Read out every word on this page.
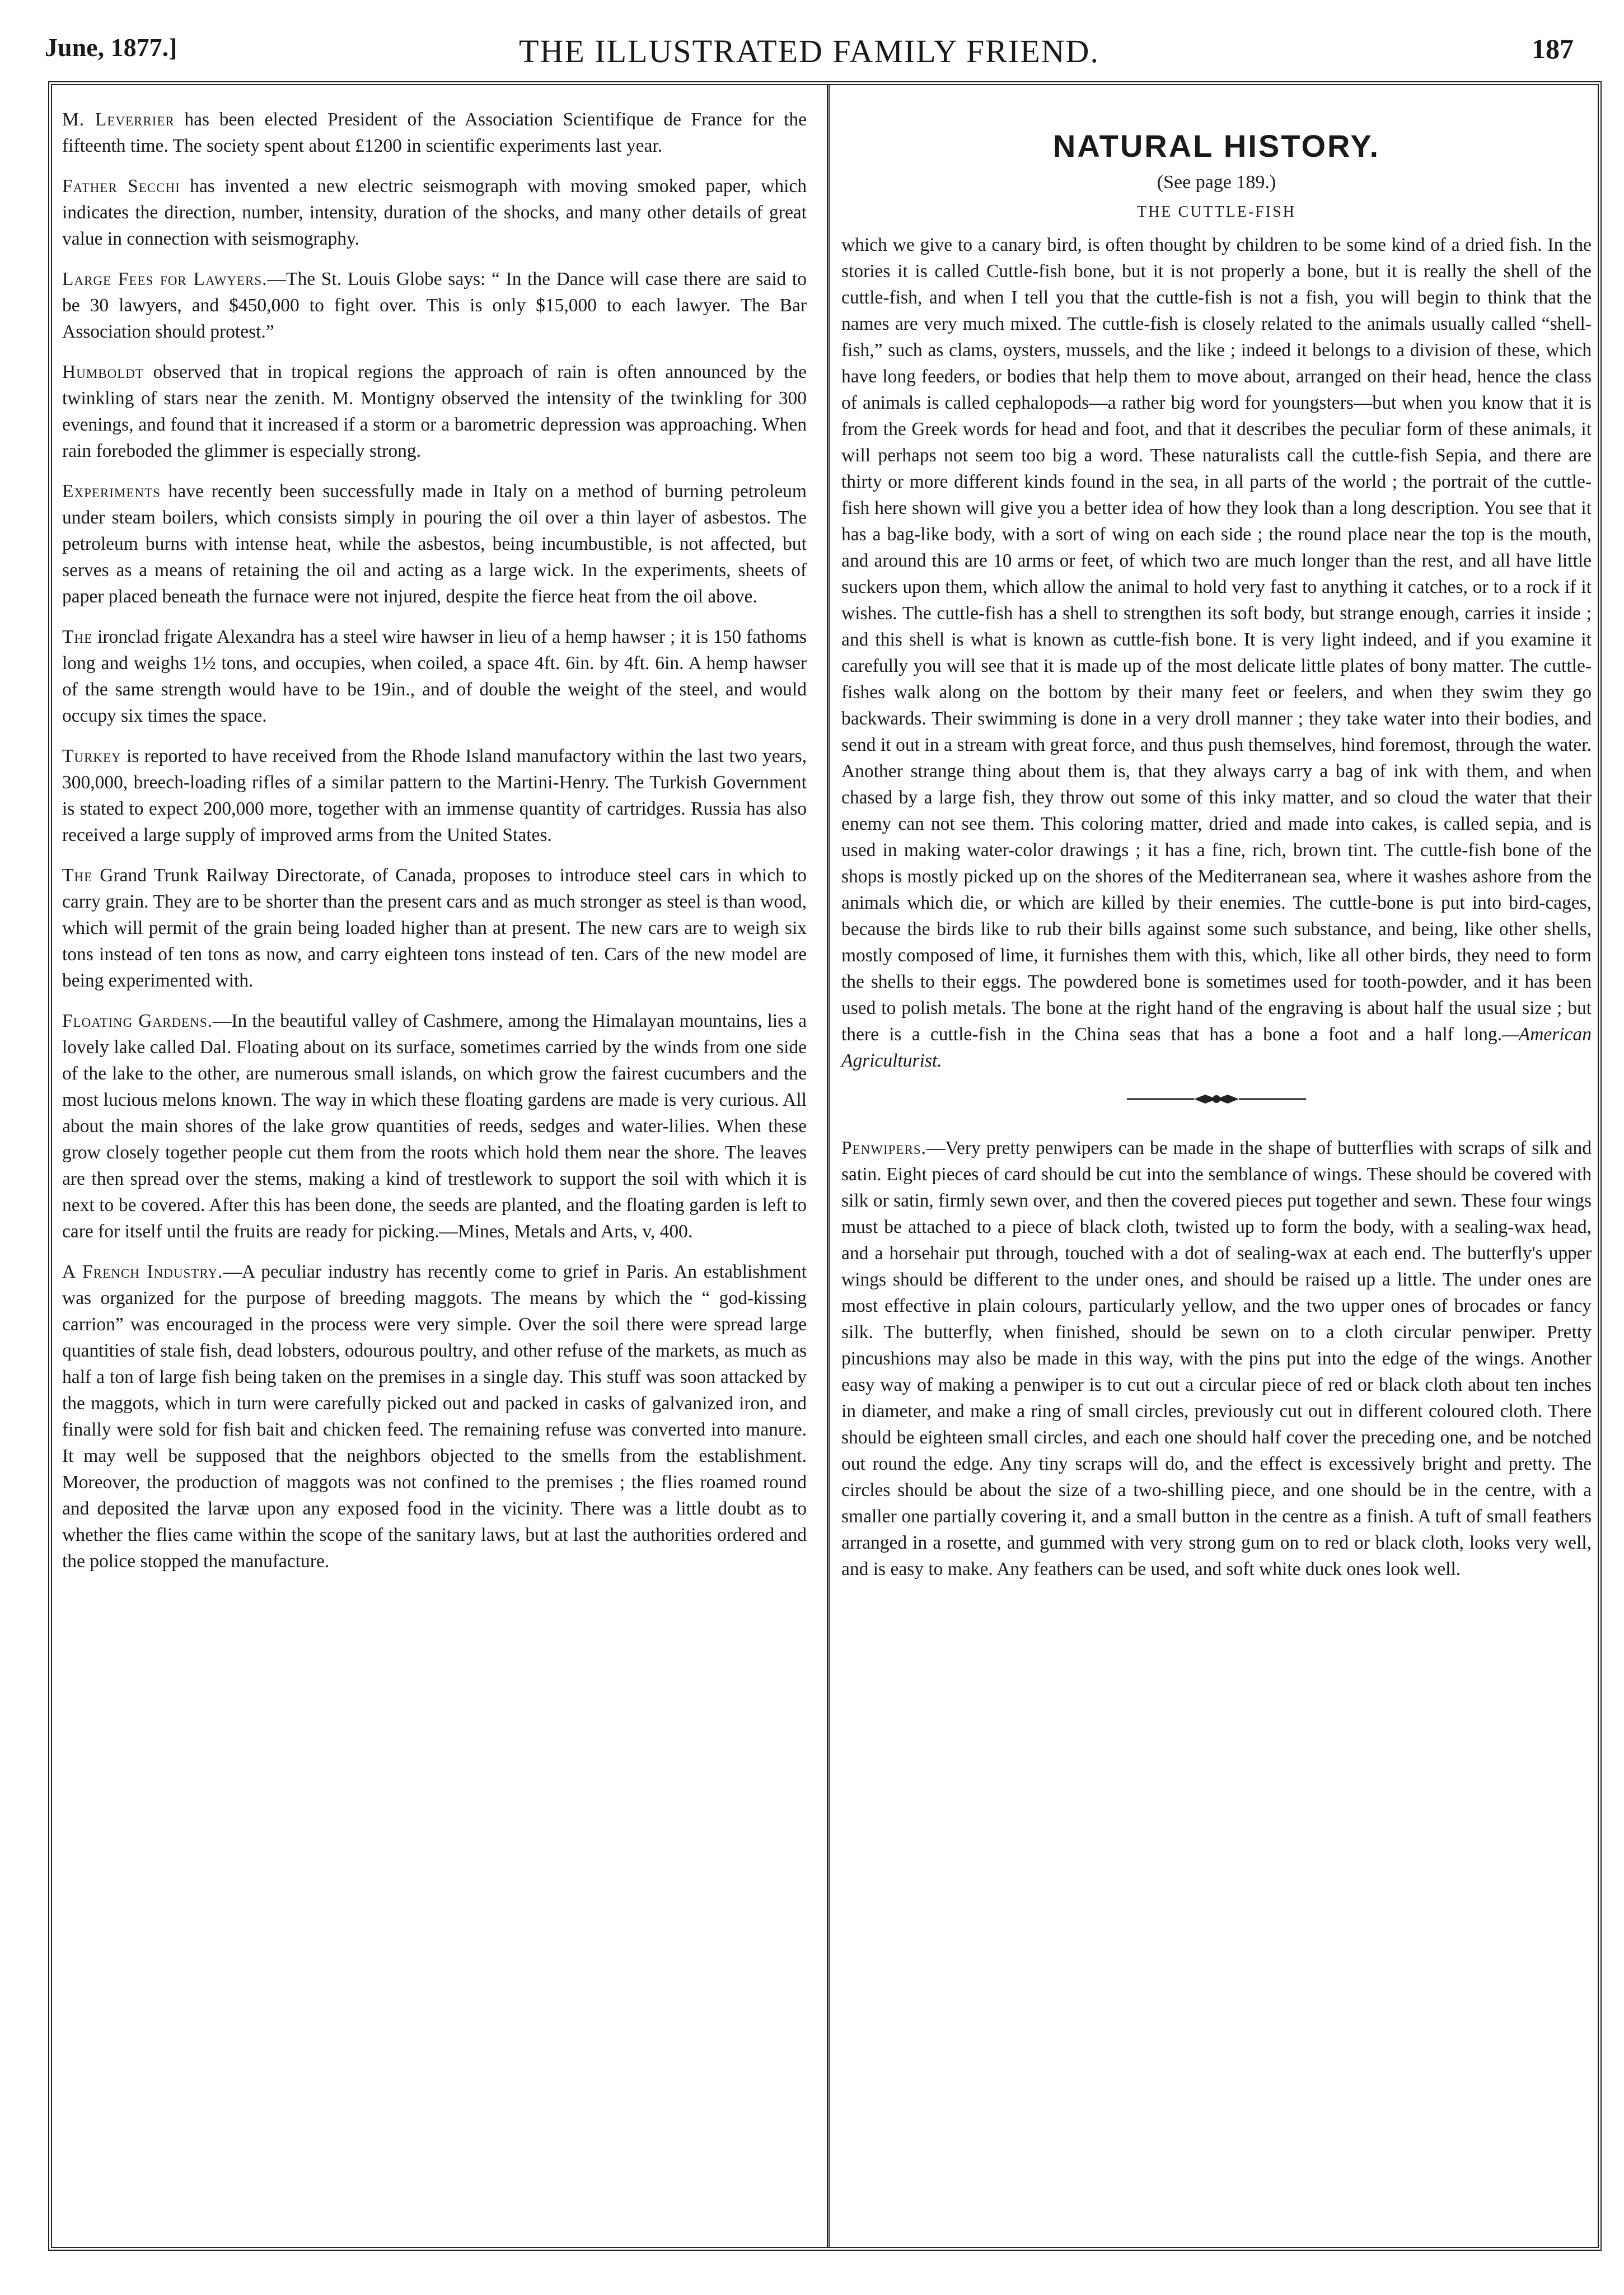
June, 1877.]	THE ILLUSTRATED FAMILY FRIEND.	187

M. Leverrier has been elected President of the Association Scientifique de France for the fifteenth time. The society spent about £1200 in scientific experiments last year.

Father Secchi has invented a new electric seismograph with moving smoked paper, which indicates the direction, number, intensity, duration of the shocks, and many other details of great value in connection with seismography.

Large Fees for Lawyers.—The St. Louis Globe says: “ In the Dance will case there are said to be 30 lawyers, and $450,000 to fight over. This is only $15,000 to each lawyer. The Bar Association should protest.”

Humboldt observed that in tropical regions the approach of rain is often announced by the twinkling of stars near the zenith. M. Montigny observed the intensity of the twinkling for 300 evenings, and found that it increased if a storm or a barometric depression was approaching. When rain foreboded the glimmer is especially strong.

Experiments have recently been successfully made in Italy on a method of burning petroleum under steam boilers, which consists simply in pouring the oil over a thin layer of asbestos. The petroleum burns with intense heat, while the asbestos, being incumbustible, is not affected, but serves as a means of retaining the oil and acting as a large wick. In the experiments, sheets of paper placed beneath the furnace were not injured, despite the fierce heat from the oil above.

The ironclad frigate Alexandra has a steel wire hawser in lieu of a hemp hawser ; it is 150 fathoms long and weighs 1½ tons, and occupies, when coiled, a space 4ft. 6in. by 4ft. 6in. A hemp hawser of the same strength would have to be 19in., and of double the weight of the steel, and would occupy six times the space.

Turkey is reported to have received from the Rhode Island manufactory within the last two years, 300,000, breech-loading rifles of a similar pattern to the Martini-Henry. The Turkish Government is stated to expect 200,000 more, together with an immense quantity of cartridges. Russia has also received a large supply of improved arms from the United States.

The Grand Trunk Railway Directorate, of Canada, proposes to introduce steel cars in which to carry grain. They are to be shorter than the present cars and as much stronger as steel is than wood, which will permit of the grain being loaded higher than at present. The new cars are to weigh six tons instead of ten tons as now, and carry eighteen tons instead of ten. Cars of the new model are being experimented with.

Floating Gardens.—In the beautiful valley of Cashmere, among the Himalayan mountains, lies a lovely lake called Dal. Floating about on its surface, sometimes carried by the winds from one side of the lake to the other, are numerous small islands, on which grow the fairest cucumbers and the most lucious melons known. The way in which these floating gardens are made is very curious. All about the main shores of the lake grow quantities of reeds, sedges and water-lilies. When these grow closely together people cut them from the roots which hold them near the shore. The leaves are then spread over the stems, making a kind of trestlework to support the soil with which it is next to be covered. After this has been done, the seeds are planted, and the floating garden is left to care for itself until the fruits are ready for picking.—Mines, Metals and Arts, v, 400.

A French Industry.—A peculiar industry has recently come to grief in Paris. An establishment was organized for the purpose of breeding maggots. The means by which the “ god-kissing carrion” was encouraged in the process were very simple. Over the soil there were spread large quantities of stale fish, dead lobsters, odourous poultry, and other refuse of the markets, as much as half a ton of large fish being taken on the premises in a single day. This stuff was soon attacked by the maggots, which in turn were carefully picked out and packed in casks of galvanized iron, and finally were sold for fish bait and chicken feed. The remaining refuse was converted into manure. It may well be supposed that the neighbors objected to the smells from the establishment. Moreover, the production of maggots was not confined to the premises ; the flies roamed round and deposited the larvæ upon any exposed food in the vicinity. There was a little doubt as to whether the flies came within the scope of the sanitary laws, but at last the authorities ordered and the police stopped the manufacture.

NATURAL HISTORY.
(See page 189.)
THE CUTTLE-FISH

which we give to a canary bird, is often thought by children to be some kind of a dried fish. In the stories it is called Cuttle-fish bone, but it is not properly a bone, but it is really the shell of the cuttle-fish, and when I tell you that the cuttle-fish is not a fish, you will begin to think that the names are very much mixed. The cuttle-fish is closely related to the animals usually called “shell-fish,” such as clams, oysters, mussels, and the like ; indeed it belongs to a division of these, which have long feeders, or bodies that help them to move about, arranged on their head, hence the class of animals is called cephalopods—a rather big word for youngsters—but when you know that it is from the Greek words for head and foot, and that it describes the peculiar form of these animals, it will perhaps not seem too big a word. These naturalists call the cuttle-fish Sepia, and there are thirty or more different kinds found in the sea, in all parts of the world ; the portrait of the cuttle-fish here shown will give you a better idea of how they look than a long description. You see that it has a bag-like body, with a sort of wing on each side ; the round place near the top is the mouth, and around this are 10 arms or feet, of which two are much longer than the rest, and all have little suckers upon them, which allow the animal to hold very fast to anything it catches, or to a rock if it wishes. The cuttle-fish has a shell to strengthen its soft body, but strange enough, carries it inside ; and this shell is what is known as cuttle-fish bone. It is very light indeed, and if you examine it carefully you will see that it is made up of the most delicate little plates of bony matter. The cuttle-fishes walk along on the bottom by their many feet or feelers, and when they swim they go backwards. Their swimming is done in a very droll manner ; they take water into their bodies, and send it out in a stream with great force, and thus push themselves, hind foremost, through the water. Another strange thing about them is, that they always carry a bag of ink with them, and when chased by a large fish, they throw out some of this inky matter, and so cloud the water that their enemy can not see them. This coloring matter, dried and made into cakes, is called sepia, and is used in making water-color drawings ; it has a fine, rich, brown tint. The cuttle-fish bone of the shops is mostly picked up on the shores of the Mediterranean sea, where it washes ashore from the animals which die, or which are killed by their enemies. The cuttle-bone is put into bird-cages, because the birds like to rub their bills against some such substance, and being, like other shells, mostly composed of lime, it furnishes them with this, which, like all other birds, they need to form the shells to their eggs. The powdered bone is sometimes used for tooth-powder, and it has been used to polish metals. The bone at the right hand of the engraving is about half the usual size ; but there is a cuttle-fish in the China seas that has a bone a foot and a half long.—American Agriculturist.

Penwipers.—Very pretty penwipers can be made in the shape of butterflies with scraps of silk and satin. Eight pieces of card should be cut into the semblance of wings. These should be covered with silk or satin, firmly sewn over, and then the covered pieces put together and sewn. These four wings must be attached to a piece of black cloth, twisted up to form the body, with a sealing-wax head, and a horsehair put through, touched with a dot of sealing-wax at each end. The butterfly's upper wings should be different to the under ones, and should be raised up a little. The under ones are most effective in plain colours, particularly yellow, and the two upper ones of brocades or fancy silk. The butterfly, when finished, should be sewn on to a cloth circular penwiper. Pretty pincushions may also be made in this way, with the pins put into the edge of the wings. Another easy way of making a penwiper is to cut out a circular piece of red or black cloth about ten inches in diameter, and make a ring of small circles, previously cut out in different coloured cloth. There should be eighteen small circles, and each one should half cover the preceding one, and be notched out round the edge. Any tiny scraps will do, and the effect is excessively bright and pretty. The circles should be about the size of a two-shilling piece, and one should be in the centre, with a smaller one partially covering it, and a small button in the centre as a finish. A tuft of small feathers arranged in a rosette, and gummed with very strong gum on to red or black cloth, looks very well, and is easy to make. Any feathers can be used, and soft white duck ones look well.
